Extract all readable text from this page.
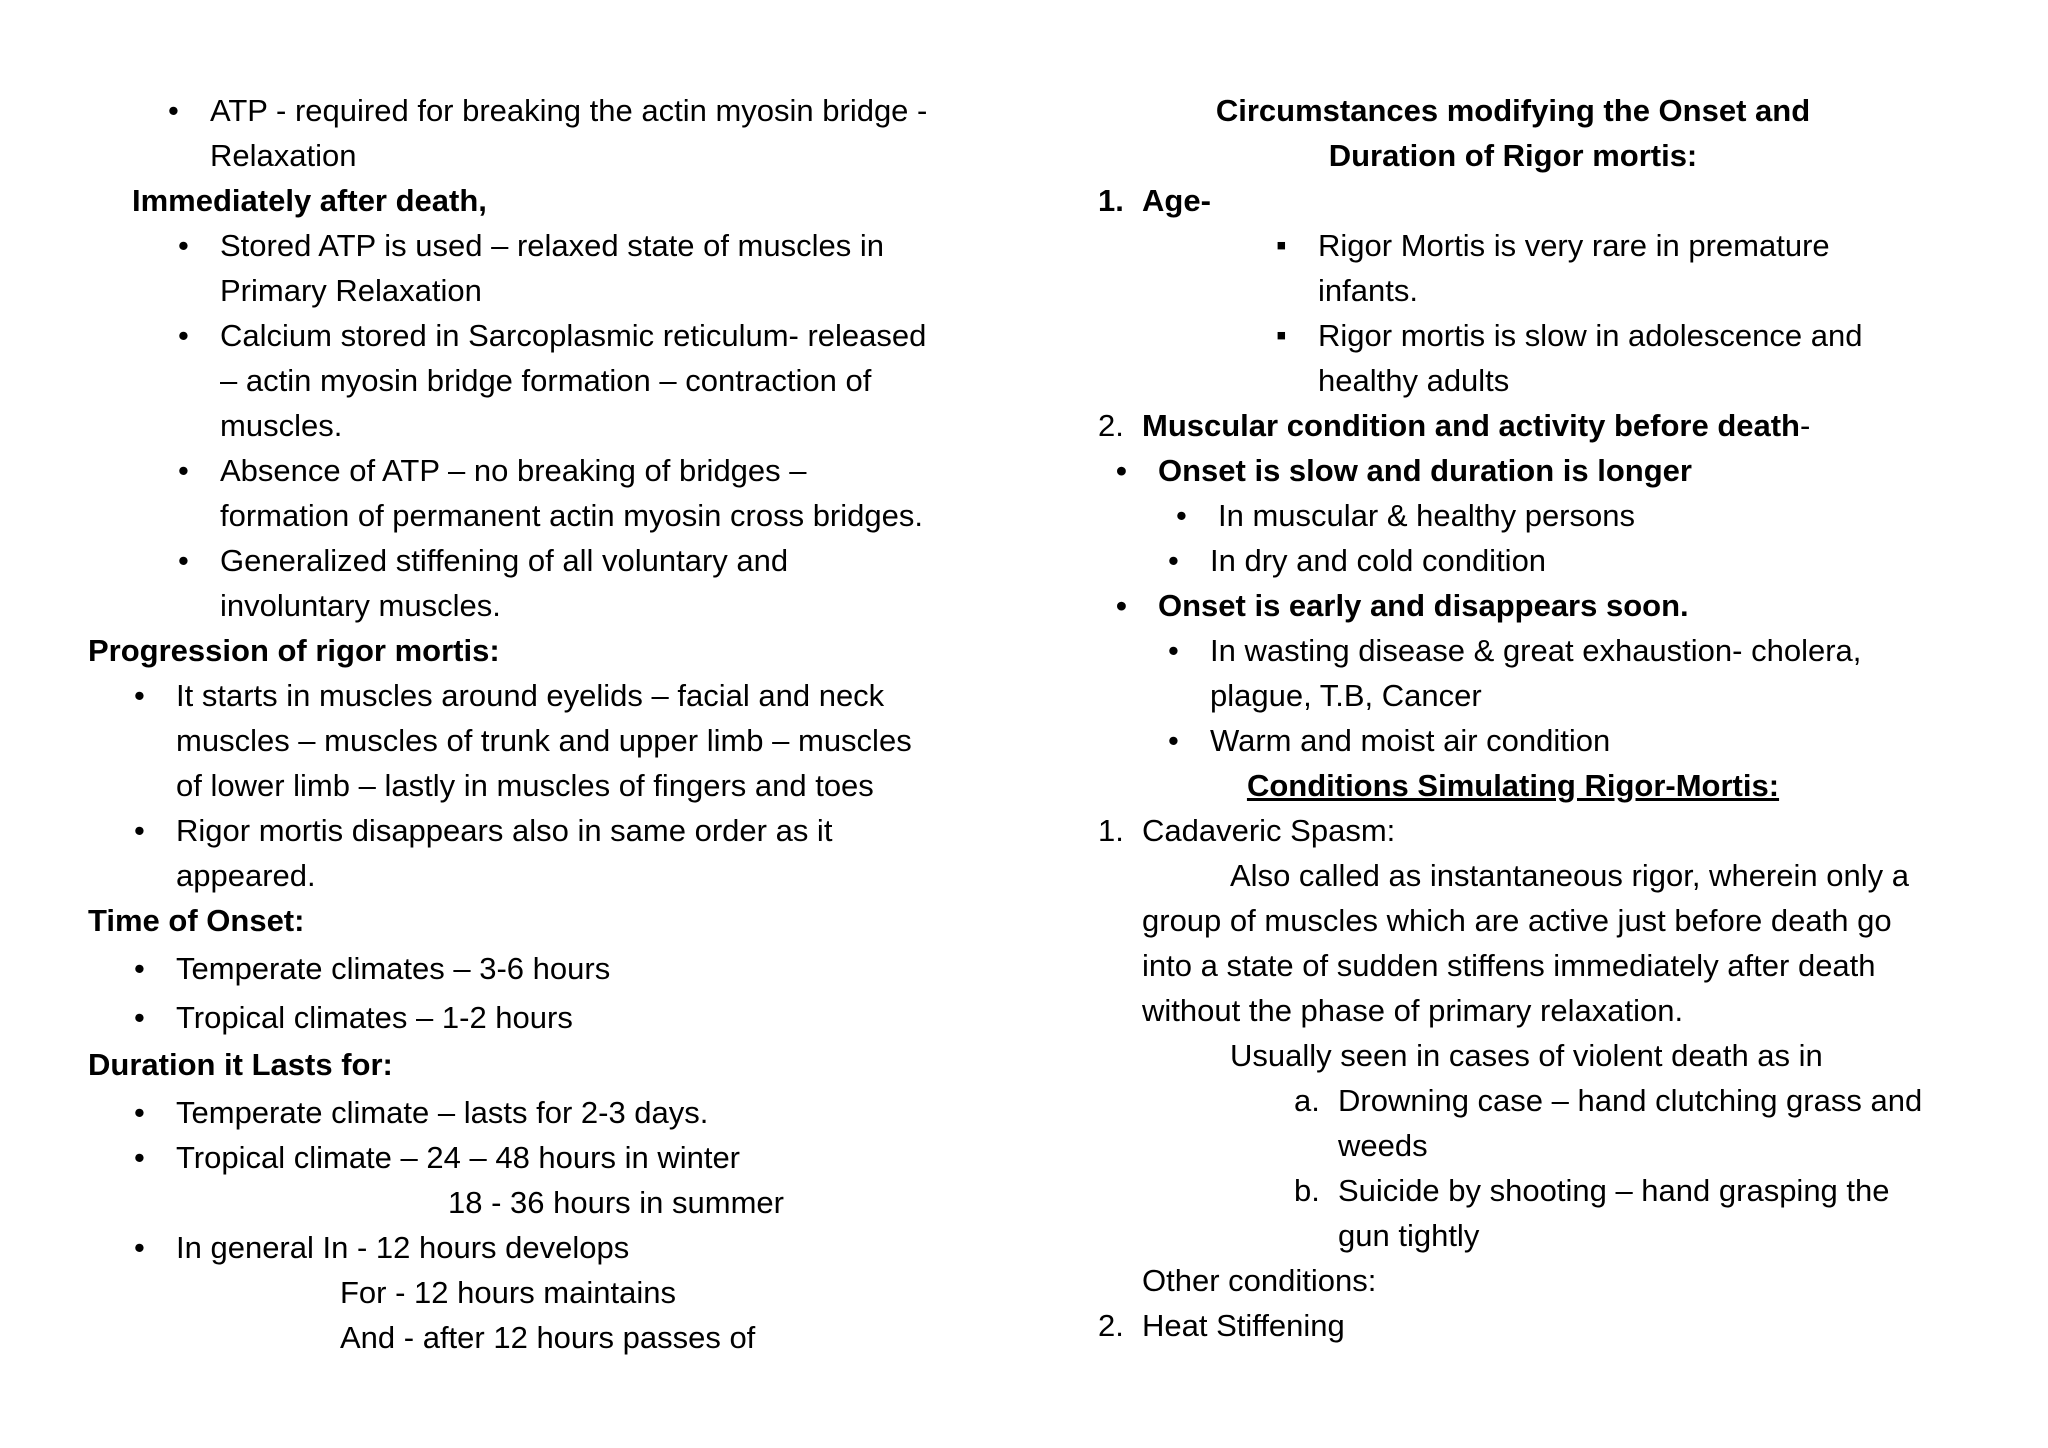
• ATP - required for breaking the actin myosin bridge -
Relaxation
Immediately after death,
• Stored ATP is used – relaxed state of muscles in
Primary Relaxation
• Calcium stored in Sarcoplasmic reticulum- released
– actin myosin bridge formation – contraction of
muscles.
• Absence of ATP – no breaking of bridges –
formation of permanent actin myosin cross bridges.
• Generalized stiffening of all voluntary and
involuntary muscles.
Progression of rigor mortis:
• It starts in muscles around eyelids – facial and neck
muscles – muscles of trunk and upper limb – muscles
of lower limb – lastly in muscles of fingers and toes
• Rigor mortis disappears also in same order as it
appeared.
Time of Onset:
• Temperate climates – 3-6 hours
• Tropical climates – 1-2 hours
Duration it Lasts for:
• Temperate climate – lasts for 2-3 days.
• Tropical climate – 24 – 48 hours in winter
18 - 36 hours in summer
• In general In - 12 hours develops
For - 12 hours maintains
And - after 12 hours passes of
Circumstances modifying the Onset and
Duration of Rigor mortis:
1. Age-
▪ Rigor Mortis is very rare in premature
infants.
▪ Rigor mortis is slow in adolescence and
healthy adults
2. Muscular condition and activity before death-
• Onset is slow and duration is longer
• In muscular & healthy persons
• In dry and cold condition
• Onset is early and disappears soon.
• In wasting disease & great exhaustion- cholera,
plague, T.B, Cancer
• Warm and moist air condition
Conditions Simulating Rigor-Mortis:
1. Cadaveric Spasm:
Also called as instantaneous rigor, wherein only a
group of muscles which are active just before death go
into a state of sudden stiffens immediately after death
without the phase of primary relaxation.
Usually seen in cases of violent death as in
a. Drowning case – hand clutching grass and
weeds
b. Suicide by shooting – hand grasping the
gun tightly
Other conditions:
2. Heat Stiffening
